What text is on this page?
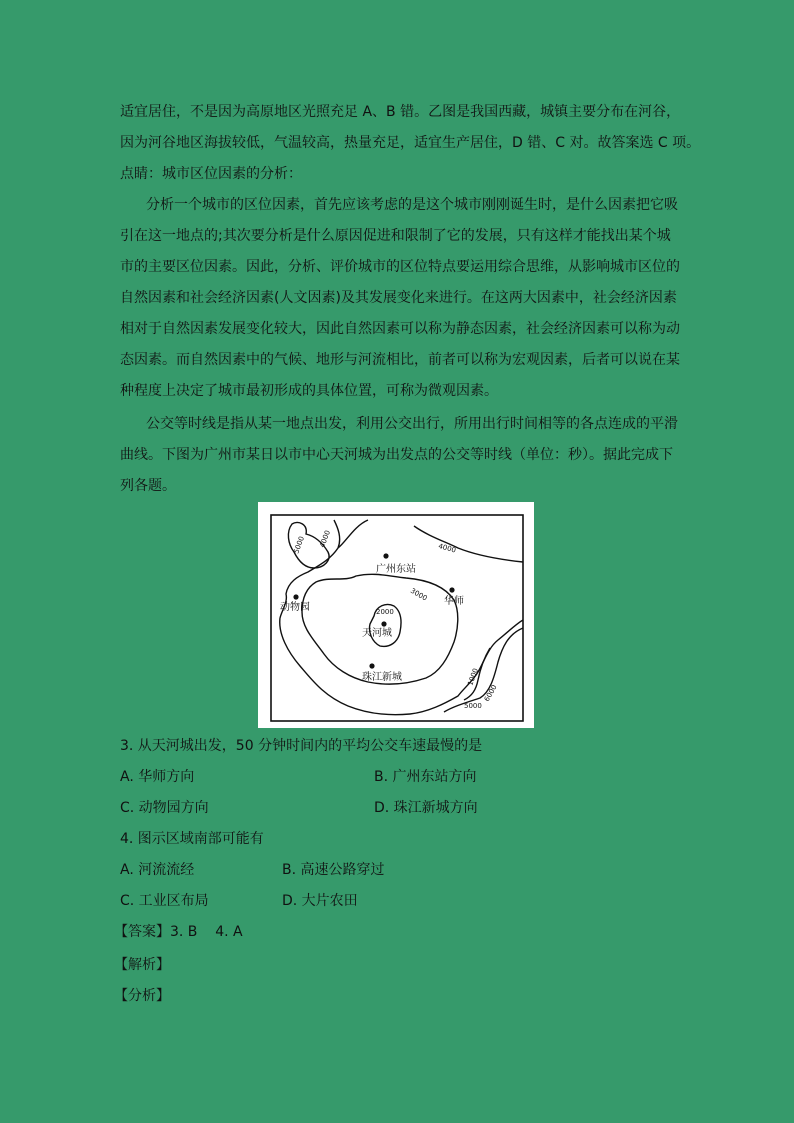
适宜居住，不是因为高原地区光照充足 A、B 错。乙图是我国西藏，城镇主要分布在河谷，
因为河谷地区海拔较低，气温较高，热量充足，适宜生产居住，D 错、C 对。故答案选 C 项。
点睛：城市区位因素的分析：
分析一个城市的区位因素，首先应该考虑的是这个城市刚刚诞生时，是什么因素把它吸
引在这一地点的;其次要分析是什么原因促进和限制了它的发展，只有这样才能找出某个城
市的主要区位因素。因此，分析、评价城市的区位特点要运用综合思维，从影响城市区位的
自然因素和社会经济因素(人文因素)及其发展变化来进行。在这两大因素中，社会经济因素
相对于自然因素发展变化较大，因此自然因素可以称为静态因素，社会经济因素可以称为动
态因素。而自然因素中的气候、地形与河流相比，前者可以称为宏观因素，后者可以说在某
种程度上决定了城市最初形成的具体位置，可称为微观因素。
公交等时线是指从某一地点出发，利用公交出行，所用出行时间相等的各点连成的平滑
曲线。下图为广州市某日以市中心天河城为出发点的公交等时线（单位：秒）。据此完成下
列各题。
5000 4000	4000
3000
2000
5000
6000
1000
广州东站
华师
动物园
天河城
珠江新城
3. 从天河城出发，50 分钟时间内的平均公交车速最慢的是
A. 华师方向	B. 广州东站方向
C. 动物园方向	D. 珠江新城方向
4. 图示区域南部可能有
A. 河流流经	B. 高速公路穿过
C. 工业区布局	D. 大片农田
【答案】3. B    4. A
【解析】
【分析】
